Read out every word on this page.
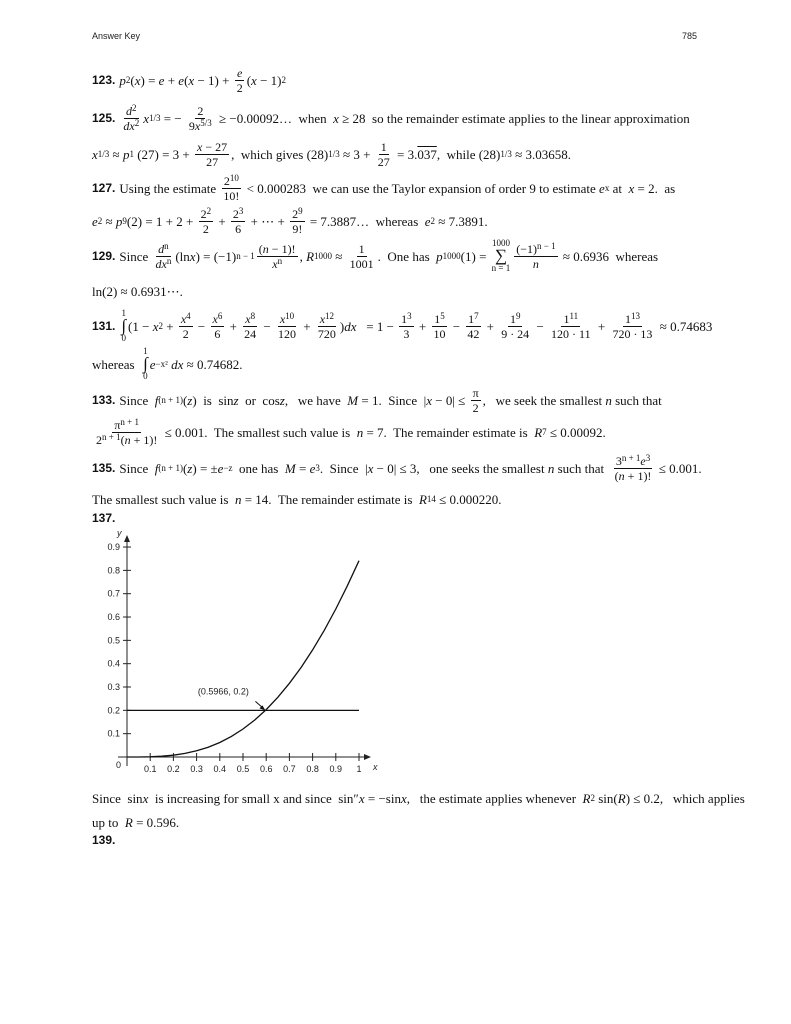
Answer Key	785
123. p 2 ( x ) = e + e ( $x - 1) + \frac{e}{2}$ ( x − 1) 2
125. $\frac{d^2}{dx^2}$ x 1/3 = − $\frac{2}{9x^{5/3}}$ ≥ −0.00092…  when x ≥ 28  so the remainder estimate applies to the linear approximation
x 1/3 ≈ p 1 $(27) = 3 + \frac{x - 27}{27}$ ,  which gives (28) $1/3 \approx 3 + \frac{1}{27} = 3$. 037 ,  while (28) 1/3 ≈ 3.03658.
127. Using the estimate $\frac{2^{10}}{10!} < 0.000283$  we can use the Taylor expansion of order 9 to estimate e x at x = 2.  as
e 2 ≈ p 9 $(2) = 1 + 2 + \frac{2^2}{2} + \frac{2^3}{6}$ + ⋯ + $\frac{2^9}{9!}$ = 7.3887…  whereas e 2 ≈ 7.3891.
129. Since $\frac{d^n}{dx^n} (\ln$ x ) = (−1) $n - 1 \frac{(n - 1)!}{x^n}$ , R $1000 \approx \frac{1}{1001}$ .  One has p 1000 (1) =
1000
∑
$n = 1 \frac{(-1)^{n - 1}}{n} \approx 0.6936$  whereas
ln(2) ≈ 0.6931⋯.
131.
1
∫
0
(1 − x $2 + \frac{x^4}{2} - \frac{x^6}{6} + \frac{x^8}{24} - \frac{x^{10}}{120} + \frac{x^{12}}{720}$ ) dx = $1 - \frac{1^3}{3} + \frac{1^5}{10} - \frac{1^7}{42} + \frac{1^9}{9 \cdot 24} - \frac{1^{11}}{120 \cdot 11} + \frac{1^{13}}{720 \cdot 13} \approx 0.74683$
whereas
1
∫
0
e −x²
dx ≈ 0.74682.
133. Since f (n + 1) ( z )  is  sin z or  cos z ,   we have M = 1.  Since  | $x - 0| \le \frac{\pi}{2}$ ,   we seek the smallest n such that
$\frac{\pi^{n + 1}}{2^{n + 1}(n + 1)!} \le 0.001$.  The smallest such value is n = 7.  The remainder estimate is R 7 ≤ 0.00092.
135. Since f (n + 1) ( z ) = ± e −z one has M = e 3 .  Since  | x − 0| ≤ 3,   one seeks the smallest n such that $\frac{3^{n + 1}e^3}{(n + 1)!} \le 0.001$.
The smallest such value is n = 14.  The remainder estimate is R 14 ≤ 0.000220.
137.
Since  sin x is increasing for small x and since  sin″ x = −sin x ,   the estimate applies whenever R 2 sin( R ) ≤ 0.2,   which applies
up to R = 0.596.
139.
x
y
0	0.1 0.2 0.3 0.4 0.5 0.6 0.7 0.8 0.9 1
0.1
0.2
0.3
0.4
0.5
0.6
0.7
0.8
0.9
(0.5966, 0.2)
